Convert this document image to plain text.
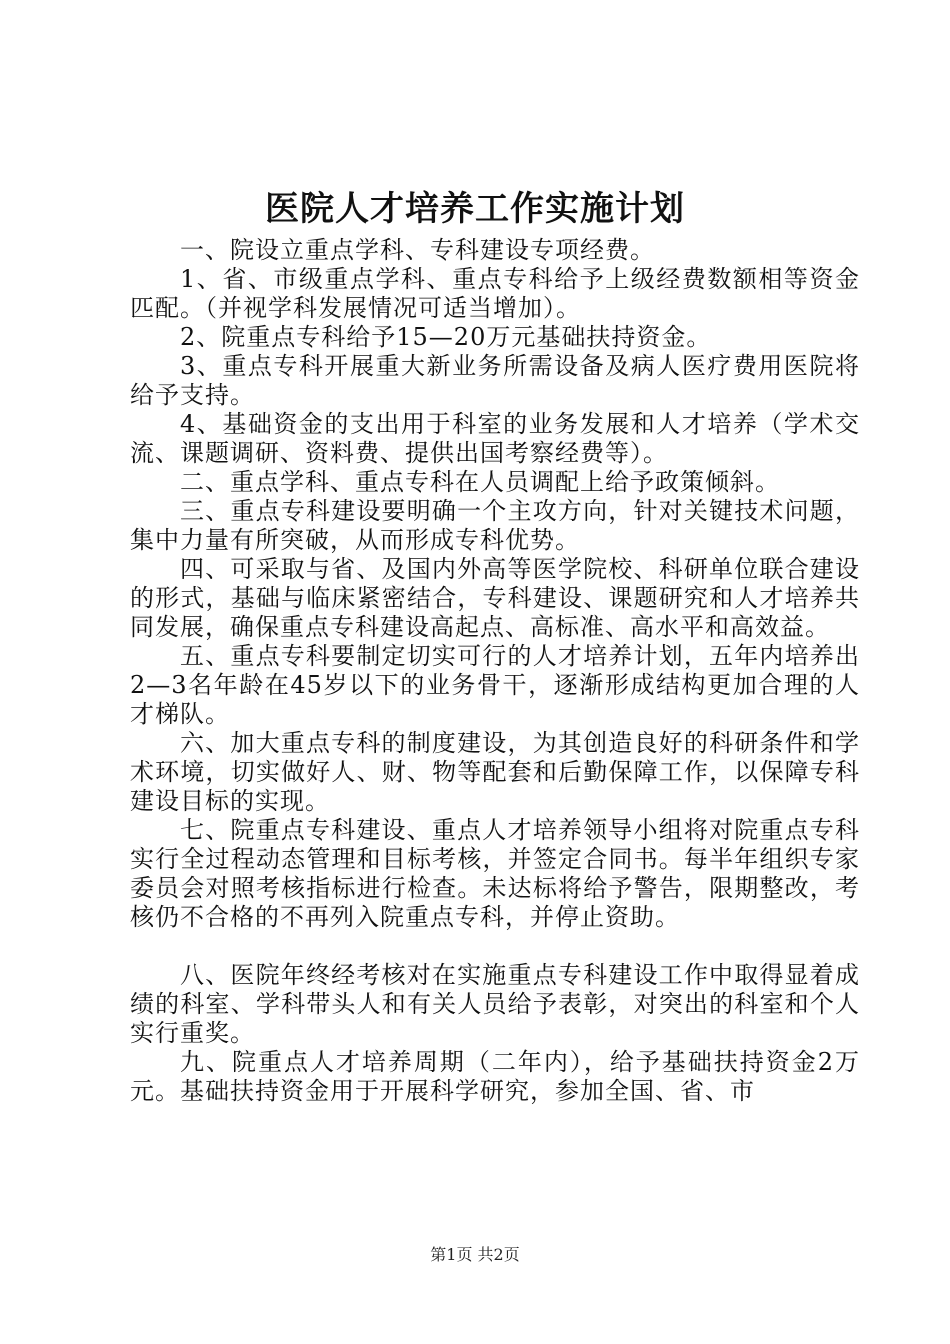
医院人才培养工作实施计划

一、院设立重点学科、专科建设专项经费。

1、省、市级重点学科、重点专科给予上级经费数额相等资金匹配。（并视学科发展情况可适当增加）。

2、院重点专科给予15—20万元基础扶持资金。

3、重点专科开展重大新业务所需设备及病人医疗费用医院将给予支持。

4、基础资金的支出用于科室的业务发展和人才培养（学术交流、课题调研、资料费、提供出国考察经费等）。

二、重点学科、重点专科在人员调配上给予政策倾斜。

三、重点专科建设要明确一个主攻方向，针对关键技术问题，集中力量有所突破，从而形成专科优势。

四、可采取与省、及国内外高等医学院校、科研单位联合建设的形式，基础与临床紧密结合，专科建设、课题研究和人才培养共同发展，确保重点专科建设高起点、高标准、高水平和高效益。

五、重点专科要制定切实可行的人才培养计划，五年内培养出2—3名年龄在45岁以下的业务骨干，逐渐形成结构更加合理的人才梯队。

六、加大重点专科的制度建设，为其创造良好的科研条件和学术环境，切实做好人、财、物等配套和后勤保障工作，以保障专科建设目标的实现。

七、院重点专科建设、重点人才培养领导小组将对院重点专科实行全过程动态管理和目标考核，并签定合同书。每半年组织专家委员会对照考核指标进行检查。未达标将给予警告，限期整改，考核仍不合格的不再列入院重点专科，并停止资助。

八、医院年终经考核对在实施重点专科建设工作中取得显着成绩的科室、学科带头人和有关人员给予表彰，对突出的科室和个人实行重奖。

九、院重点人才培养周期（二年内），给予基础扶持资金2万元。基础扶持资金用于开展科学研究，参加全国、省、市

第1页 共2页
